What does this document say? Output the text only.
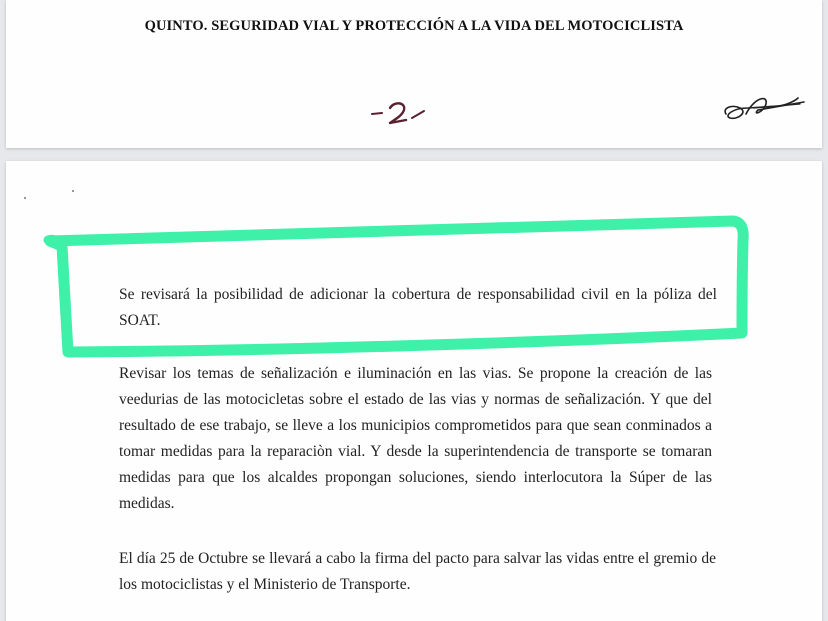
QUINTO. SEGURIDAD VIAL Y PROTECCIÓN A LA VIDA DEL MOTOCICLISTA

Se revisará la posibilidad de adicionar la cobertura de responsabilidad civil en la póliza del SOAT.

Revisar los temas de señalización e iluminación en las vias. Se propone la creación de las veedurias de las motocicletas sobre el estado de las vias y normas de señalización. Y que del resultado de ese trabajo, se lleve a los municipios comprometidos para que sean conminados a tomar medidas para la reparaciòn vial. Y desde la superintendencia de transporte se tomaran medidas para que los alcaldes propongan soluciones, siendo interlocutora la Súper de las medidas.

El día 25 de Octubre se llevará a cabo la firma del pacto para salvar las vidas entre el gremio de los motociclistas y el Ministerio de Transporte.
